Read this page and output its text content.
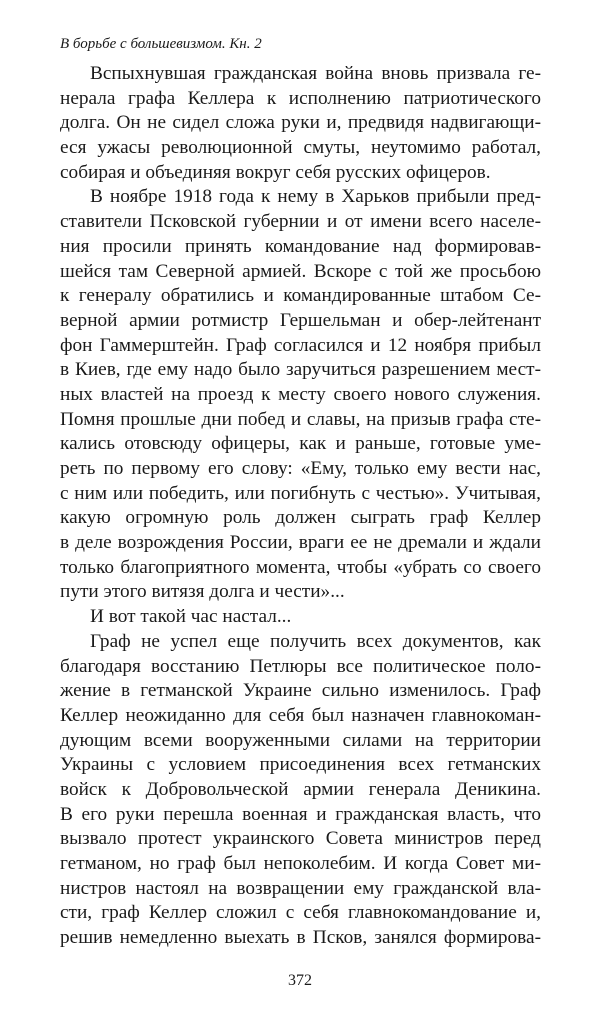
В борьбе с большевизмом. Кн. 2
Вспыхнувшая гражданская война вновь призвала ге-
нерала графа Келлера к исполнению патриотического
долга. Он не сидел сложа руки и, предвидя надвигающи-
еся ужасы революционной смуты, неутомимо работал,
собирая и объединяя вокруг себя русских офицеров.
В ноябре 1918 года к нему в Харьков прибыли пред-
ставители Псковской губернии и от имени всего населе-
ния просили принять командование над формировав-
шейся там Северной армией. Вскоре с той же просьбою
к генералу обратились и командированные штабом Се-
верной армии ротмистр Гершельман и обер-лейтенант
фон Гаммерштейн. Граф согласился и 12 ноября прибыл
в Киев, где ему надо было заручиться разрешением мест-
ных властей на проезд к месту своего нового служения.
Помня прошлые дни побед и славы, на призыв графа сте-
кались отовсюду офицеры, как и раньше, готовые уме-
реть по первому его слову: «Ему, только ему вести нас,
с ним или победить, или погибнуть с честью». Учитывая,
какую огромную роль должен сыграть граф Келлер
в деле возрождения России, враги ее не дремали и ждали
только благоприятного момента, чтобы «убрать со своего
пути этого витязя долга и чести»...
И вот такой час настал...
Граф не успел еще получить всех документов, как
благодаря восстанию Петлюры все политическое поло-
жение в гетманской Украине сильно изменилось. Граф
Келлер неожиданно для себя был назначен главнокоман-
дующим всеми вооруженными силами на территории
Украины с условием присоединения всех гетманских
войск к Добровольческой армии генерала Деникина.
В его руки перешла военная и гражданская власть, что
вызвало протест украинского Совета министров перед
гетманом, но граф был непоколебим. И когда Совет ми-
нистров настоял на возвращении ему гражданской вла-
сти, граф Келлер сложил с себя главнокомандование и,
решив немедленно выехать в Псков, занялся формирова-
372
